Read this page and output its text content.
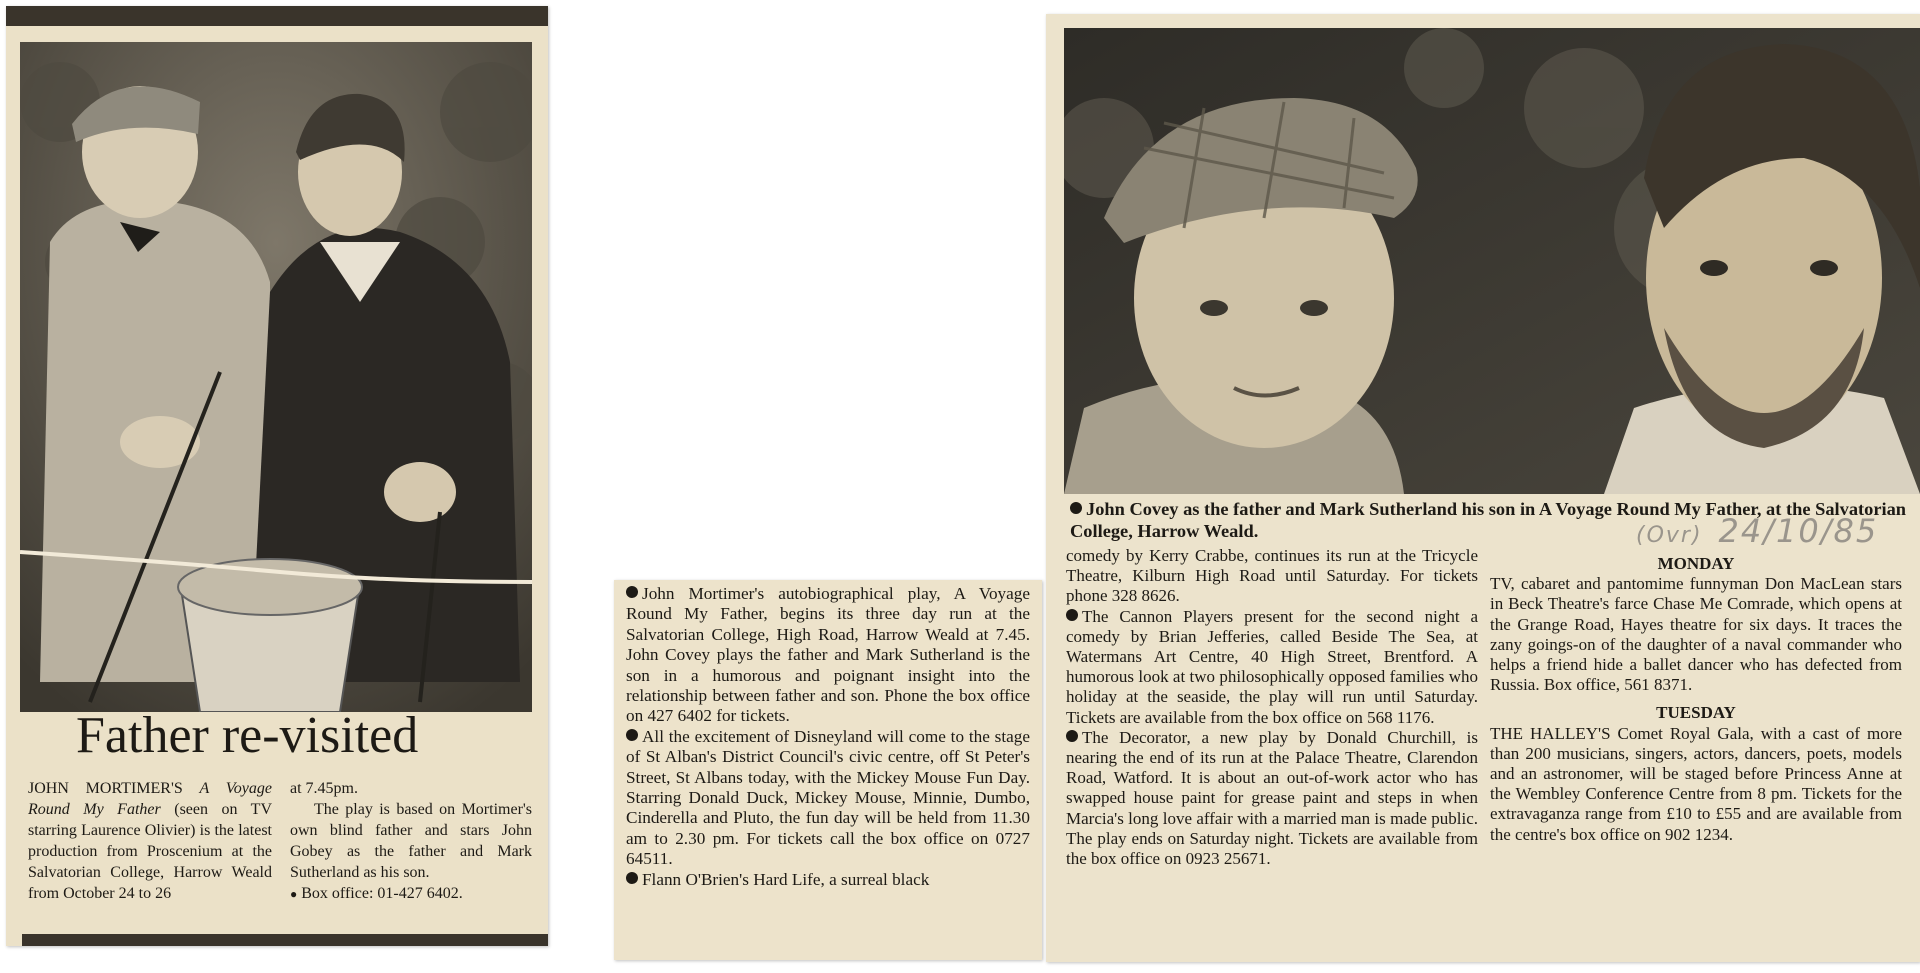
Father re-visited
JOHN MORTIMER'S A Voyage Round My Father (seen on TV starring Laurence Olivier) is the latest production from Proscenium at the Salvatorian College, Harrow Weald from October 24 to 26
at 7.45pm.
The play is based on Mortimer's own blind father and stars John Gobey as the father and Mark Sutherland as his son.
● Box office: 01-427 6402.

John Mortimer's autobiographical play, A Voyage Round My Father, begins its three day run at the Salvatorian College, High Road, Harrow Weald at 7.45. John Covey plays the father and Mark Sutherland is the son in a humorous and poignant insight into the relationship between father and son. Phone the box office on 427 6402 for tickets.

All the excitement of Disneyland will come to the stage of St Alban's District Council's civic centre, off St Peter's Street, St Albans today, with the Mickey Mouse Fun Day. Starring Donald Duck, Mickey Mouse, Minnie, Dumbo, Cinderella and Pluto, the fun day will be held from 11.30 am to 2.30 pm. For tickets call the box office on 0727 64511.

Flann O'Brien's Hard Life, a surreal black

John Covey as the father and Mark Sutherland his son in A Voyage Round My Father, at the Salvatorian College, Harrow Weald.	(Ovr) 24/10/85

comedy by Kerry Crabbe, continues its run at the Tricycle Theatre, Kilburn High Road until Saturday. For tickets phone 328 8626.

The Cannon Players present for the second night a comedy by Brian Jefferies, called Beside The Sea, at Watermans Art Centre, 40 High Street, Brentford. A humorous look at two philosophically opposed families who holiday at the seaside, the play will run until Saturday. Tickets are available from the box office on 568 1176.

The Decorator, a new play by Donald Churchill, is nearing the end of its run at the Palace Theatre, Clarendon Road, Watford. It is about an out-of-work actor who has swapped house paint for grease paint and steps in when Marcia's long love affair with a married man is made public. The play ends on Saturday night. Tickets are available from the box office on 0923 25671.

MONDAY

TV, cabaret and pantomime funnyman Don MacLean stars in Beck Theatre's farce Chase Me Comrade, which opens at the Grange Road, Hayes theatre for six days. It traces the zany goings-on of the daughter of a naval commander who helps a friend hide a ballet dancer who has defected from Russia. Box office, 561 8371.

TUESDAY

THE HALLEY'S Comet Royal Gala, with a cast of more than 200 musicians, singers, actors, dancers, poets, models and an astronomer, will be staged before Princess Anne at the Wembley Conference Centre from 8 pm. Tickets for the extravaganza range from £10 to £55 and are available from the centre's box office on 902 1234.
